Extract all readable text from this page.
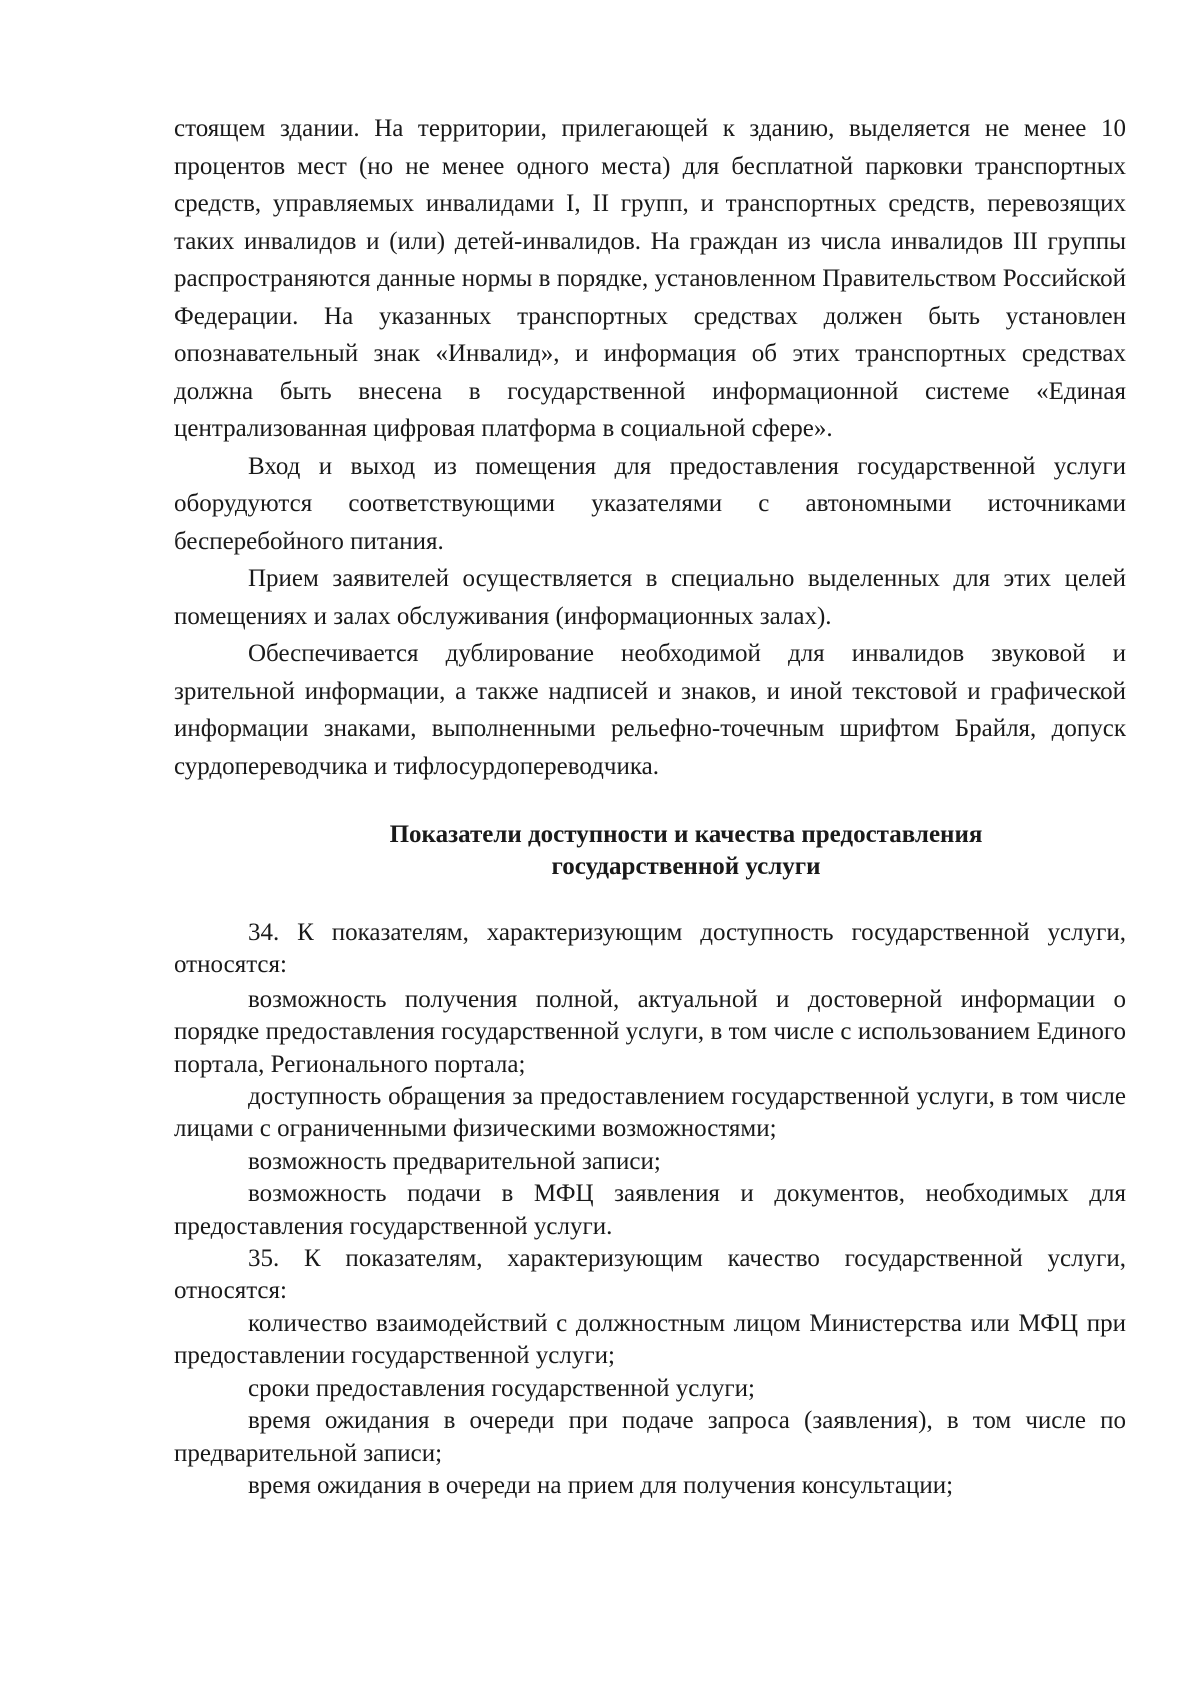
стоящем здании. На территории, прилегающей к зданию, выделяется не менее 10 процентов мест (но не менее одного места) для бесплатной парковки транспортных средств, управляемых инвалидами I, II групп, и транспортных средств, перевозящих таких инвалидов и (или) детей-инвалидов. На граждан из числа инвалидов III группы распространяются данные нормы в порядке, установленном Правительством Российской Федерации. На указанных транспортных средствах должен быть установлен опознавательный знак «Инвалид», и информация об этих транспортных средствах должна быть внесена в государственной информационной системе «Единая централизованная цифровая платформа в социальной сфере».

Вход и выход из помещения для предоставления государственной услуги оборудуются соответствующими указателями с автономными источниками бесперебойного питания.

Прием заявителей осуществляется в специально выделенных для этих целей помещениях и залах обслуживания (информационных залах).

Обеспечивается дублирование необходимой для инвалидов звуковой и зрительной информации, а также надписей и знаков, и иной текстовой и графической информации знаками, выполненными рельефно-точечным шрифтом Брайля, допуск сурдопереводчика и тифлосурдопереводчика.

Показатели доступности и качества предоставления
государственной услуги

34. К показателям, характеризующим доступность государственной услуги, относятся:

возможность получения полной, актуальной и достоверной информации о порядке предоставления государственной услуги, в том числе с использованием Единого портала, Регионального портала;

доступность обращения за предоставлением государственной услуги, в том числе лицами с ограниченными физическими возможностями;

возможность предварительной записи;

возможность подачи в МФЦ заявления и документов, необходимых для предоставления государственной услуги.

35. К показателям, характеризующим качество государственной услуги, относятся:

количество взаимодействий с должностным лицом Министерства или МФЦ при предоставлении государственной услуги;

сроки предоставления государственной услуги;

время ожидания в очереди при подаче запроса (заявления), в том числе по предварительной записи;

время ожидания в очереди на прием для получения консультации;
